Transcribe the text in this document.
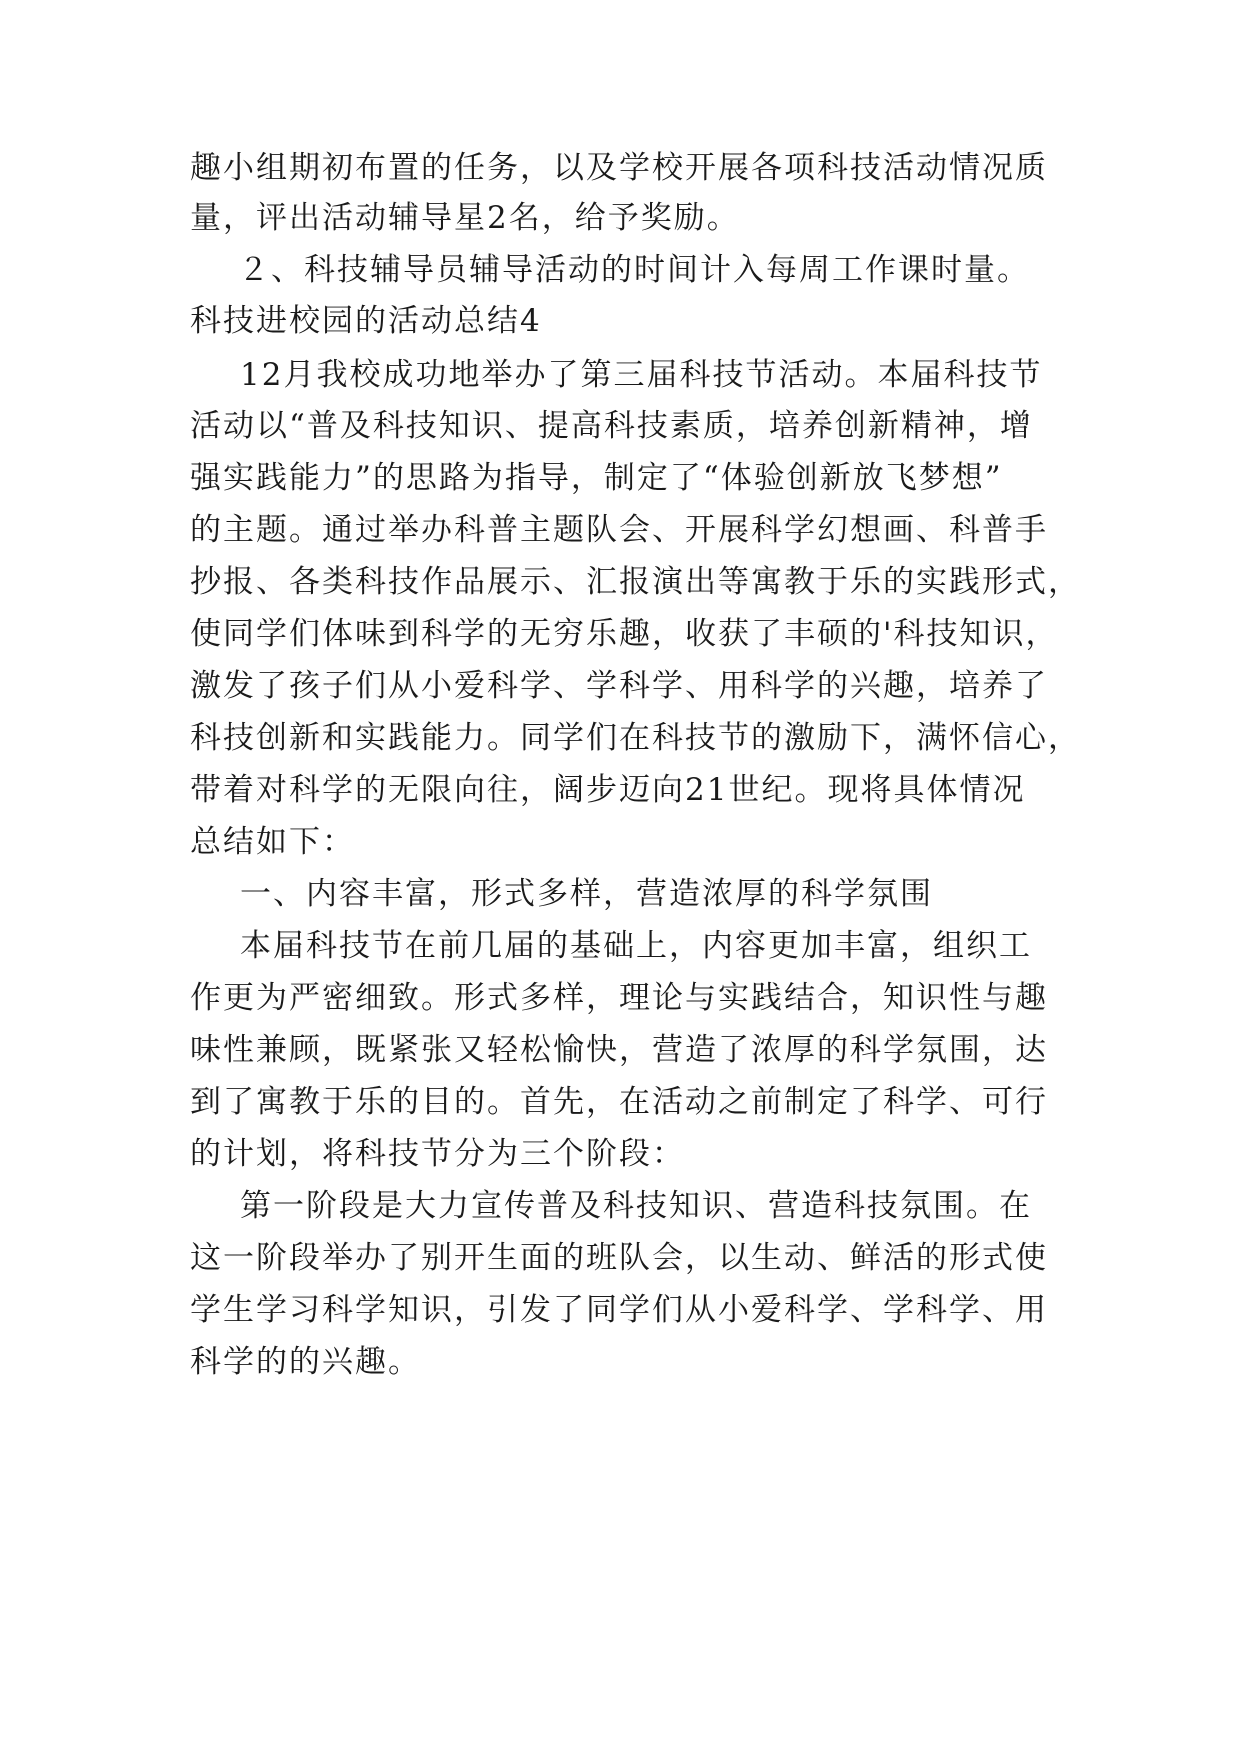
趣小组期初布置的任务，以及学校开展各项科技活动情况质
量，评出活动辅导星2名，给予奖励。
２、科技辅导员辅导活动的时间计入每周工作课时量。
科技进校园的活动总结4
12月我校成功地举办了第三届科技节活动。本届科技节
活动以“普及科技知识、提高科技素质，培养创新精神，增
强实践能力”的思路为指导，制定了“体验创新放飞梦想”
的主题。通过举办科普主题队会、开展科学幻想画、科普手
抄报、各类科技作品展示、汇报演出等寓教于乐的实践形式，
使同学们体味到科学的无穷乐趣，收获了丰硕的'科技知识，
激发了孩子们从小爱科学、学科学、用科学的兴趣，培养了
科技创新和实践能力。同学们在科技节的激励下，满怀信心，
带着对科学的无限向往，阔步迈向21世纪。现将具体情况
总结如下：
一、内容丰富，形式多样，营造浓厚的科学氛围
本届科技节在前几届的基础上，内容更加丰富，组织工
作更为严密细致。形式多样，理论与实践结合，知识性与趣
味性兼顾，既紧张又轻松愉快，营造了浓厚的科学氛围，达
到了寓教于乐的目的。首先，在活动之前制定了科学、可行
的计划，将科技节分为三个阶段：
第一阶段是大力宣传普及科技知识、营造科技氛围。在
这一阶段举办了别开生面的班队会，以生动、鲜活的形式使
学生学习科学知识，引发了同学们从小爱科学、学科学、用
科学的的兴趣。
